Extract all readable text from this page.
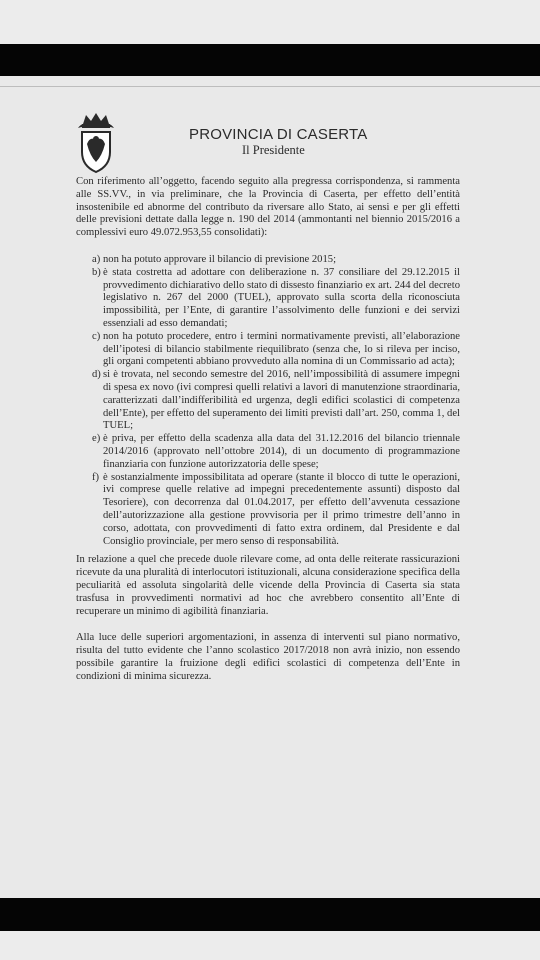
PROVINCIA DI CASERTA
Il Presidente

Con riferimento all’oggetto, facendo seguito alla pregressa corrispondenza, si rammenta alle SS.VV., in via preliminare, che la Provincia di Caserta, per effetto dell’entità insostenibile ed abnorme del contributo da riversare allo Stato, ai sensi e per gli effetti delle previsioni dettate dalla legge n. 190 del 2014 (ammontanti nel biennio 2015/2016 a complessivi euro 49.072.953,55 consolidati):

a) non ha potuto approvare il bilancio di previsione 2015;

b) è stata costretta ad adottare con deliberazione n. 37 consiliare del 29.12.2015 il provvedimento dichiarativo dello stato di dissesto finanziario ex art. 244 del decreto legislativo n. 267 del 2000 (TUEL), approvato sulla scorta della riconosciuta impossibilità, per l’Ente, di garantire l’assolvimento delle funzioni e dei servizi essenziali ad esso demandati;

c) non ha potuto procedere, entro i termini normativamente previsti, all’elaborazione dell’ipotesi di bilancio stabilmente riequilibrato (senza che, lo si rileva per inciso, gli organi competenti abbiano provveduto alla nomina di un Commissario ad acta);

d) si è trovata, nel secondo semestre del 2016, nell’impossibilità di assumere impegni di spesa ex novo (ivi compresi quelli relativi a lavori di manutenzione straordinaria, caratterizzati dall’indifferibilità ed urgenza, degli edifici scolastici di competenza dell’Ente), per effetto del superamento dei limiti previsti dall’art. 250, comma 1, del TUEL;

e) è priva, per effetto della scadenza alla data del 31.12.2016 del bilancio triennale 2014/2016 (approvato nell’ottobre 2014), di un documento di programmazione finanziaria con funzione autorizzatoria delle spese;

f) è sostanzialmente impossibilitata ad operare (stante il blocco di tutte le operazioni, ivi comprese quelle relative ad impegni precedentemente assunti) disposto dal Tesoriere), con decorrenza dal 01.04.2017, per effetto dell’avvenuta cessazione dell’autorizzazione alla gestione provvisoria per il primo trimestre dell’anno in corso, adottata, con provvedimenti di fatto extra ordinem, dal Presidente e dal Consiglio provinciale, per mero senso di responsabilità.

In relazione a quel che precede duole rilevare come, ad onta delle reiterate rassicurazioni ricevute da una pluralità di interlocutori istituzionali, alcuna considerazione specifica della peculiarità ed assoluta singolarità delle vicende della Provincia di Caserta sia stata trasfusa in provvedimenti normativi ad hoc che avrebbero consentito all’Ente di recuperare un minimo di agibilità finanziaria.

Alla luce delle superiori argomentazioni, in assenza di interventi sul piano normativo, risulta del tutto evidente che l’anno scolastico 2017/2018 non avrà inizio, non essendo possibile garantire la fruizione degli edifici scolastici di competenza dell’Ente in condizioni di minima sicurezza.
